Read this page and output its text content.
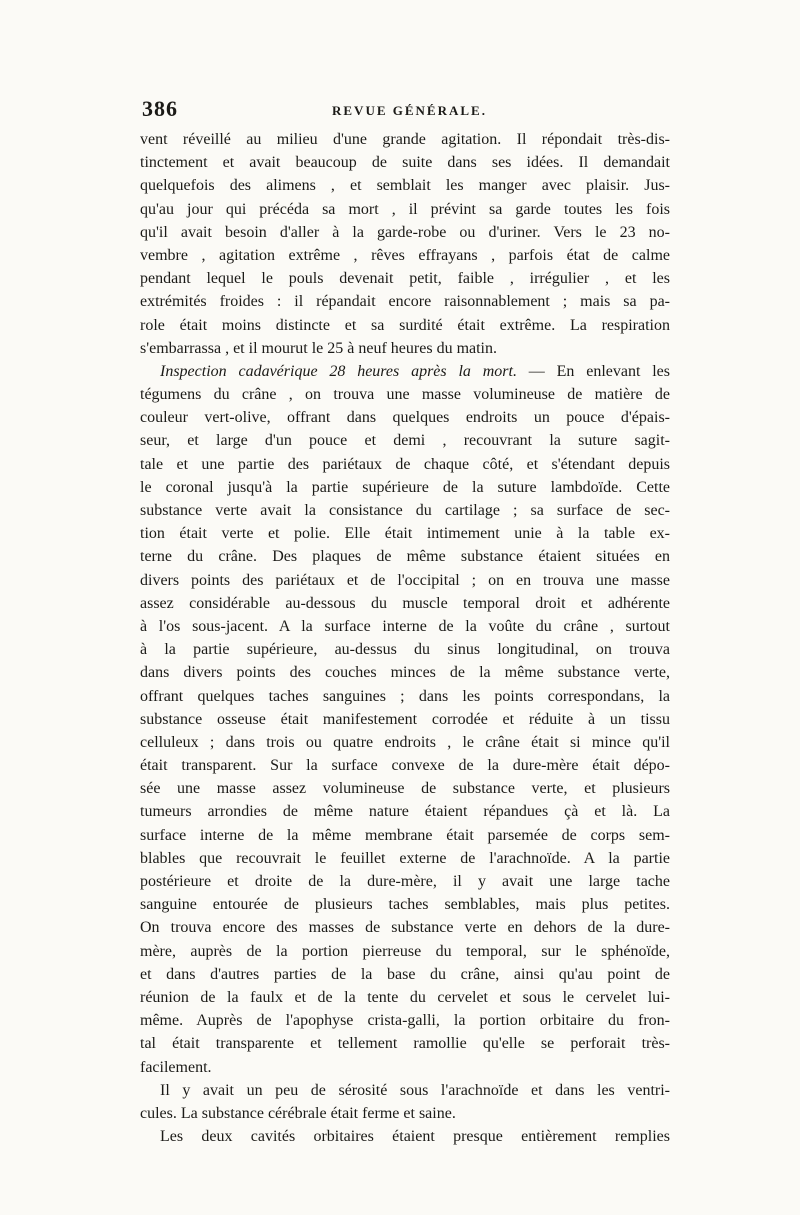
386	REVUE GÉNÉRALE.
vent réveillé au milieu d'une grande agitation. Il répondait très-dis-
tinctement et avait beaucoup de suite dans ses idées. Il demandait
quelquefois des alimens , et semblait les manger avec plaisir. Jus-
qu'au jour qui précéda sa mort , il prévint sa garde toutes les fois
qu'il avait besoin d'aller à la garde-robe ou d'uriner. Vers le 23 no-
vembre , agitation extrême , rêves effrayans , parfois état de calme
pendant lequel le pouls devenait petit, faible , irrégulier , et les
extrémités froides : il répandait encore raisonnablement ; mais sa pa-
role était moins distincte et sa surdité était extrême. La respiration
s'embarrassa , et il mourut le 25 à neuf heures du matin.
Inspection cadavérique 28 heures après la mort. — En enlevant les
tégumens du crâne , on trouva une masse volumineuse de matière de
couleur vert-olive, offrant dans quelques endroits un pouce d'épais-
seur, et large d'un pouce et demi , recouvrant la suture sagit-
tale et une partie des pariétaux de chaque côté, et s'étendant depuis
le coronal jusqu'à la partie supérieure de la suture lambdoïde. Cette
substance verte avait la consistance du cartilage ; sa surface de sec-
tion était verte et polie. Elle était intimement unie à la table ex-
terne du crâne. Des plaques de même substance étaient situées en
divers points des pariétaux et de l'occipital ; on en trouva une masse
assez considérable au-dessous du muscle temporal droit et adhérente
à l'os sous-jacent. A la surface interne de la voûte du crâne , surtout
à la partie supérieure, au-dessus du sinus longitudinal, on trouva
dans divers points des couches minces de la même substance verte,
offrant quelques taches sanguines ; dans les points correspondans, la
substance osseuse était manifestement corrodée et réduite à un tissu
celluleux ; dans trois ou quatre endroits , le crâne était si mince qu'il
était transparent. Sur la surface convexe de la dure-mère était dépo-
sée une masse assez volumineuse de substance verte, et plusieurs
tumeurs arrondies de même nature étaient répandues çà et là. La
surface interne de la même membrane était parsemée de corps sem-
blables que recouvrait le feuillet externe de l'arachnoïde. A la partie
postérieure et droite de la dure-mère, il y avait une large tache
sanguine entourée de plusieurs taches semblables, mais plus petites.
On trouva encore des masses de substance verte en dehors de la dure-
mère, auprès de la portion pierreuse du temporal, sur le sphénoïde,
et dans d'autres parties de la base du crâne, ainsi qu'au point de
réunion de la faulx et de la tente du cervelet et sous le cervelet lui-
même. Auprès de l'apophyse crista-galli, la portion orbitaire du fron-
tal était transparente et tellement ramollie qu'elle se perforait très-
facilement.
Il y avait un peu de sérosité sous l'arachnoïde et dans les ventri-
cules. La substance cérébrale était ferme et saine.
Les deux cavités orbitaires étaient presque entièrement remplies
